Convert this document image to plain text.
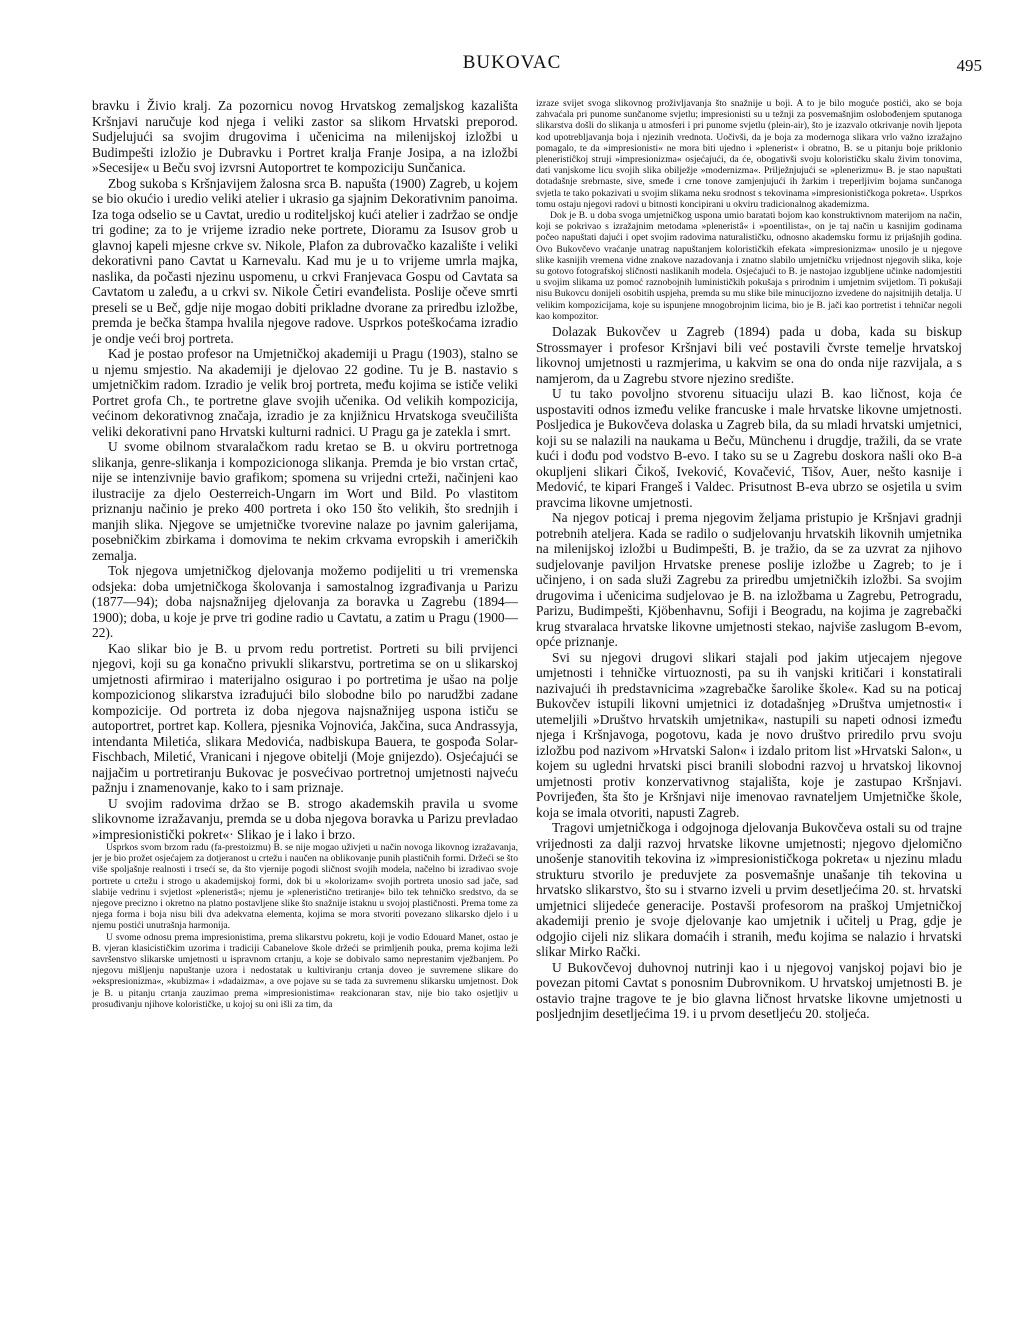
BUKOVAC	495

bravku i Živio kralj. Za pozornicu novog Hrvatskog zemaljskog kazališta Kršnjavi naručuje kod njega i veliki zastor sa slikom Hrvatski preporod. Sudjelujući sa svojim drugovima i učenicima na milenijskoj izložbi u Budimpešti izložio je Dubravku i Portret kralja Franje Josipa, a na izložbi »Secesije« u Beču svoj izvrsni Autoportret te kompoziciju Sunčanica.

Zbog sukoba s Kršnjavijem žalosna srca B. napušta (1900) Zagreb, u kojem se bio okućio i uredio veliki atelier i ukrasio ga sjajnim Dekorativnim panoima. Iza toga odselio se u Cavtat, uredio u roditeljskoj kući atelier i zadržao se ondje tri godine; za to je vrijeme izradio neke portrete, Dioramu za Isusov grob u glavnoj kapeli mjesne crkve sv. Nikole, Plafon za dubrovačko kazalište i veliki dekorativni pano Cavtat u Karnevalu. Kad mu je u to vrijeme umrla majka, naslika, da počasti njezinu uspomenu, u crkvi Franjevaca Gospu od Cavtata sa Cavtatom u zaleđu, a u crkvi sv. Nikole Četiri evanđelista. Poslije očeve smrti preseli se u Beč, gdje nije mogao dobiti prikladne dvorane za priredbu izložbe, premda je bečka štampa hvalila njegove radove. Usprkos poteškoćama izradio je ondje veći broj portreta.

Kad je postao profesor na Umjetničkoj akademiji u Pragu (1903), stalno se u njemu smjestio. Na akademiji je djelovao 22 godine. Tu je B. nastavio s umjetničkim radom. Izradio je velik broj portreta, među kojima se ističe veliki Portret grofa Ch., te portretne glave svojih učenika. Od velikih kompozicija, većinom dekorativnog značaja, izradio je za knjižnicu Hrvatskoga sveučilišta veliki dekorativni pano Hrvatski kulturni radnici. U Pragu ga je zatekla i smrt.

U svome obilnom stvaralačkom radu kretao se B. u okviru portretnoga slikanja, genre-slikanja i kompozicionoga slikanja. Premda je bio vrstan crtač, nije se intenzivnije bavio grafikom; spomena su vrijedni crteži, načinjeni kao ilustracije za djelo Oesterreich-Ungarn im Wort und Bild. Po vlastitom priznanju načinio je preko 400 portreta i oko 150 što velikih, što srednjih i manjih slika. Njegove se umjetničke tvorevine nalaze po javnim galerijama, posebničkim zbirkama i domovima te nekim crkvama evropskih i američkih zemalja.

Tok njegova umjetničkog djelovanja možemo podijeliti u tri vremenska odsjeka: doba umjetničkoga školovanja i samostalnog izgrađivanja u Parizu (1877—94); doba najsnažnijeg djelovanja za boravka u Zagrebu (1894—1900); doba, u koje je prve tri godine radio u Cavtatu, a zatim u Pragu (1900—22).

Kao slikar bio je B. u prvom redu portretist. Portreti su bili prvijenci njegovi, koji su ga konačno privukli slikarstvu, portretima se on u slikarskoj umjetnosti afirmirao i materijalno osigurao i po portretima je ušao na polje kompozicionog slikarstva izrađujući bilo slobodne bilo po narudžbi zadane kompozicije. Od portreta iz doba njegova najsnažnijeg uspona ističu se autoportret, portret kap. Kollera, pjesnika Vojnovića, Jakčina, suca Andrassyja, intendanta Miletića, slikara Medovića, nadbiskupa Bauera, te gospođa Solar-Fischbach, Miletić, Vranicani i njegove obitelji (Moje gnijezdo). Osjećajući se najjačim u portretiranju Bukovac je posvećivao portretnoj umjetnosti najveću pažnju i znamenovanje, kako to i sam priznaje.

U svojim radovima držao se B. strogo akademskih pravila u svome slikovnome izražavanju, premda se u doba njegova boravka u Parizu prevladao »impresionistički pokret«· Slikao je i lako i brzo.

Usprkos svom brzom radu (fa-prestoizmu) B. se nije mogao uživjeti u način novoga likovnog izražavanja, jer je bio prožet osjećajem za dotjeranost u crtežu i naučen na oblikovanje punih plastičnih formi. Držeći se što više spoljašnje realnosti i trsećí se, da što vjernije pogodi sličnost svojih modela, načelno bi izradivao svoje portrete u crtežu i strogo u akademijskoj formi, dok bi u »kolorizam« svojih portreta unosio sad jače, sad slabije vedrinu i svjetlost »pleneristâ«; njemu je »pleneristično tretiranje« bilo tek tehničko sredstvo, da se njegove precizno i okretno na platno postavljene slike što snažnije istaknu u svojoj plastičnosti. Premа tome za njega forma i boja nisu bili dva adekvatna elementa, kojima se mora stvoriti povezano slikarsko djelo i u njemu postići unutrašnja harmonija.

U svome odnosu prema impresionistima, prema slikarstvu pokretu, koji je vodio Edouard Manet, ostao je B. vjeran klasicističkim uzorima i tradiciji Cabanelove škole držeći se primljenih pouka, prema kojima leži savršenstvo slikarske umjetnosti u ispravnom crtanju, a koje se dobivalo samo neprestanim vježbanjem. Po njegovu mišljenju napuštanje uzora i nedostatak u kultiviranju crtanja doveo je suvremene slikare do »ekspresionizma«, »kubizma« i »dadaizma«, a ove pojave su se tada za suvremenu slikarsku umjetnost. Dok je B. u pitanju crtanja zauzimao prema »impresionistima« reakcionaran stav, nije bio tako osjetljiv u prosuđivanju njihove kolorističke, u kojoj su oni išli za tim, da

izraze svijet svoga slikovnog proživljavanja što snažnije u boji. A to je bilo moguće postići, ako se boja zahvaćala pri punome sunčanome svjetlu; impresionisti su u težnji za posvemašnjim oslobođenjem sputanoga slikarstva došli do slikanja u atmosferi i pri punome svjetlu (plein-air), što je izazvalo otkrivanje novih ljepota kod upotrebljavanja boja i njezinih vrednota. Uočivši, da je boja za modernoga slikara vrlo važno izražajno pomagalo, te da »impresionisti« ne mora biti ujedno i »plenerist« i obratno, B. se u pitanju boje priklonio pleneristiĉkoj struji »impresionizma« osjećajući, da će, obogativši svoju kolorističku skalu živim tonovima, dati vanjskome licu svojih slika obilježje »modernizma«. Prilježnjujući se »plenerizmu« B. je stao napuštati dotadašnje srebrnaste, sive, smeđe i crne tonove zamjenjujući ih žarkim i treperljivim bojama sunčanoga svjetla te tako pokazivati u svojim slikama neku srodnost s tekovinama »impresionističkoga pokreta«. Usprkos tomu ostaju njegovi radovi u bitnosti koncipirani u okviru tradicionalnog akademizma.

Dok je B. u doba svoga umjetničkog uspona umio baratati bojom kao konstruktivnom materijom na način, koji se pokrivao s izražajnim metodama »pleneristâ« i »poentilista«, on je taj način u kasnijim godinama počeo napuštati dajući i opet svojim radovima naturalističku, odnosno akademsku formu iz prijašnjih godina. Ovo Bukovčevo vraćanje unatrag napuštanjem kolorističkih efekata »impresionizma« unosilo je u njegove slike kasnijih vremena vidne znakove nazadovanja i znatno slabilo umjetničku vrijednost njegovih slika, koje su gotovo fotografskoj sličnosti naslikanih modela. Osjećajući to B. je nastojao izgubljene učinke nadomjestiti u svojim slikama uz pomoć raznobojnih luminističkih pokušaja s prirodnim i umjetnim svijetlom. Ti pokušaji nisu Bukovcu donijeli osobitih uspjeha, premda su mu slike bile minucijozno izvedene do najsitnijih detalja. U velikim kompozicijama, koje su ispunjene mnogobrojnim licima, bio je B. jači kao portretist i tehničar negoli kao kompozitor.

Dolazak Bukovčev u Zagreb (1894) pada u doba, kada su biskup Strossmayer i profesor Kršnjavi bili već postavili čvrste temelje hrvatskoj likovnoj umjetnosti u razmjerima, u kakvim se ona do onda nije razvijala, a s namjerom, da u Zagrebu stvore njezino središte.

U tu tako povoljno stvorenu situaciju ulazi B. kao ličnost, koja će uspostaviti odnos između velike francuske i male hrvatske likovne umjetnosti. Posljedica je Bukovčeva dolaska u Zagreb bila, da su mladi hrvatski umjetnici, koji su se nalazili na naukama u Beču, Münchenu i drugdje, tražili, da se vrate kući i dođu pod vodstvo B-evo. I tako su se u Zagrebu doskora našli oko B-a okupljeni slikari Čikoš, Iveković, Kovačević, Tišov, Auer, nešto kasnije i Medović, te kipari Frangeš i Valdec. Prisutnost B-eva ubrzo se osjetila u svim pravcima likovne umjetnosti.

Na njegov poticaj i prema njegovim željama pristupio je Kršnjavi gradnji potrebnih ateljera. Kada se radilo o sudjelovanju hrvatskih likovnih umjetnika na milenijskoj izložbi u Budimpešti, B. je tražio, da se za uzvrat za njihovo sudjelovanje paviljon Hrvatske prenese poslije izložbe u Zagreb; to je i učinjeno, i on sada služi Zagrebu za priredbu umjetničkih izložbi. Sa svojim drugovima i učenicima sudjelovao je B. na izložbama u Zagrebu, Petrogradu, Parizu, Budimpešti, Kjöbenhavnu, Sofiji i Beogradu, na kojima je zagrebački krug stvaralaca hrvatske likovne umjetnosti stekao, najviše zaslugom B-evom, opće priznanje.

Svi su njegovi drugovi slikari stajali pod jakim utjecajem njegove umjetnosti i tehničke virtuoznosti, pa su ih vanjski kritičari i konstatirali nazivajući ih predstavnicima »zagrebačke šarolike škole«. Kad su na poticaj Bukovčev istupili likovni umjetnici iz dotadašnjeg »Društva umjetnosti« i utemeljili »Društvo hrvatskih umjetnika«, nastupili su napeti odnosi između njega i Kršnjavoga, pogotovu, kada je novo društvo priredilo prvu svoju izložbu pod nazivom »Hrvatski Salon« i izdalo pritom list »Hrvatski Salon«, u kojem su ugledni hrvatski pisci branili slobodni razvoj u hrvatskoj likovnoj umjetnosti protiv konzervativnog stajališta, koje je zastupao Kršnjavi. Povrijeđen, šta što je Kršnjavi nije imenovao ravnateljem Umjetničke škole, koja se imala otvoriti, napusti Zagreb.

Tragovi umjetničkoga i odgojnoga djelovanja Bukovčeva ostali su od trajne vrijednosti za dalji razvoj hrvatske likovne umjetnosti; njegovo djelomično unošenje stanovitih tekovina iz »impresionističkoga pokreta« u njezinu mladu strukturu stvorilo je preduvjete za posvemašnje unašanje tih tekovina u hrvatsko slikarstvo, što su i stvarno izveli u prvim desetljećima 20. st. hrvatski umjetnici slijedeće generacije. Postavši profesorom na praškoj Umjetničkoj akademiji prenio je svoje djelovanje kao umjetnik i učitelj u Prag, gdje je odgojio cijeli niz slikara domaćih i stranih, među kojima se nalazio i hrvatski slikar Mirko Rački.

U Bukovčevoj duhovnoj nutrinji kao i u njegovoj vanjskoj pojavi bio je povezan pitomi Cavtat s ponosnim Dubrovnikom. U hrvatskoj umjetnosti B. je ostavio trajne tragove te je bio glavna ličnost hrvatske likovne umjetnosti u posljednjim desetljećima 19. i u prvom desetljeću 20. stoljeća.
